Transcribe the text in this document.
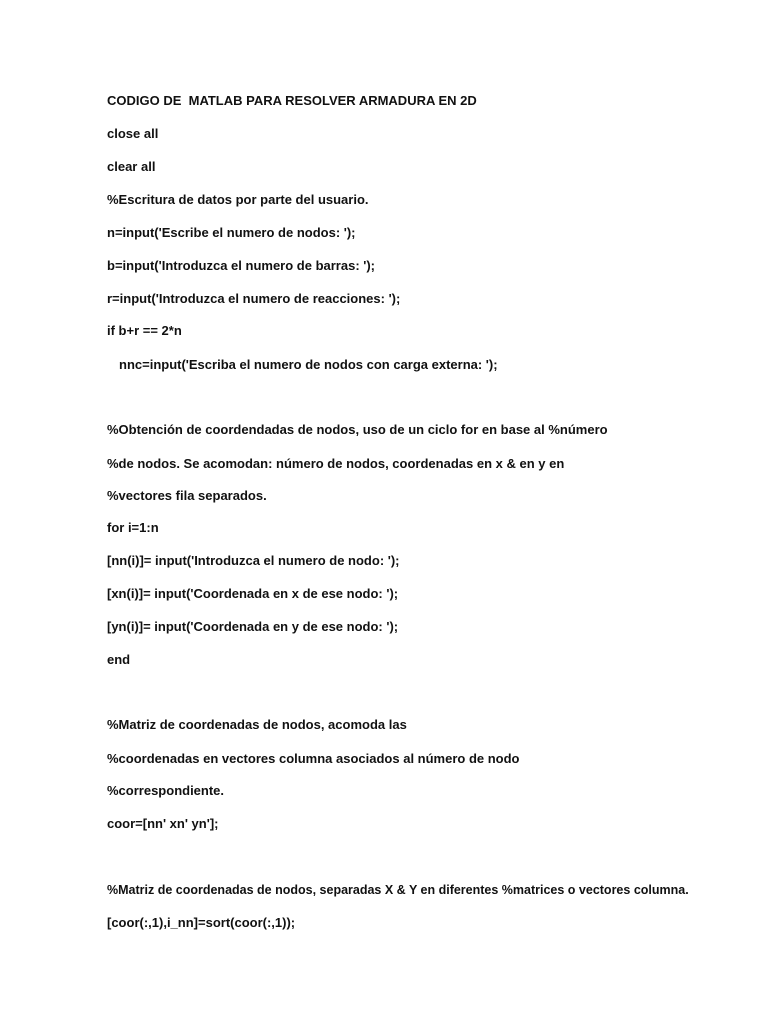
CODIGO DE  MATLAB PARA RESOLVER ARMADURA EN 2D

close all

clear all

%Escritura de datos por parte del usuario.

n=input('Escribe el numero de nodos: ');

b=input('Introduzca el numero de barras: ');

r=input('Introduzca el numero de reacciones: ');

if b+r == 2*n

nnc=input('Escriba el numero de nodos con carga externa: ');

%Obtención de coordendadas de nodos, uso de un ciclo for en base al %número

%de nodos. Se acomodan: número de nodos, coordenadas en x & en y en

%vectores fila separados.

for i=1:n

[nn(i)]= input('Introduzca el numero de nodo: ');

[xn(i)]= input('Coordenada en x de ese nodo: ');

[yn(i)]= input('Coordenada en y de ese nodo: ');

end

%Matriz de coordenadas de nodos, acomoda las

%coordenadas en vectores columna asociados al número de nodo

%correspondiente.

coor=[nn' xn' yn'];

%Matriz de coordenadas de nodos, separadas X & Y en diferentes %matrices o vectores columna.

[coor(:,1),i_nn]=sort(coor(:,1));
